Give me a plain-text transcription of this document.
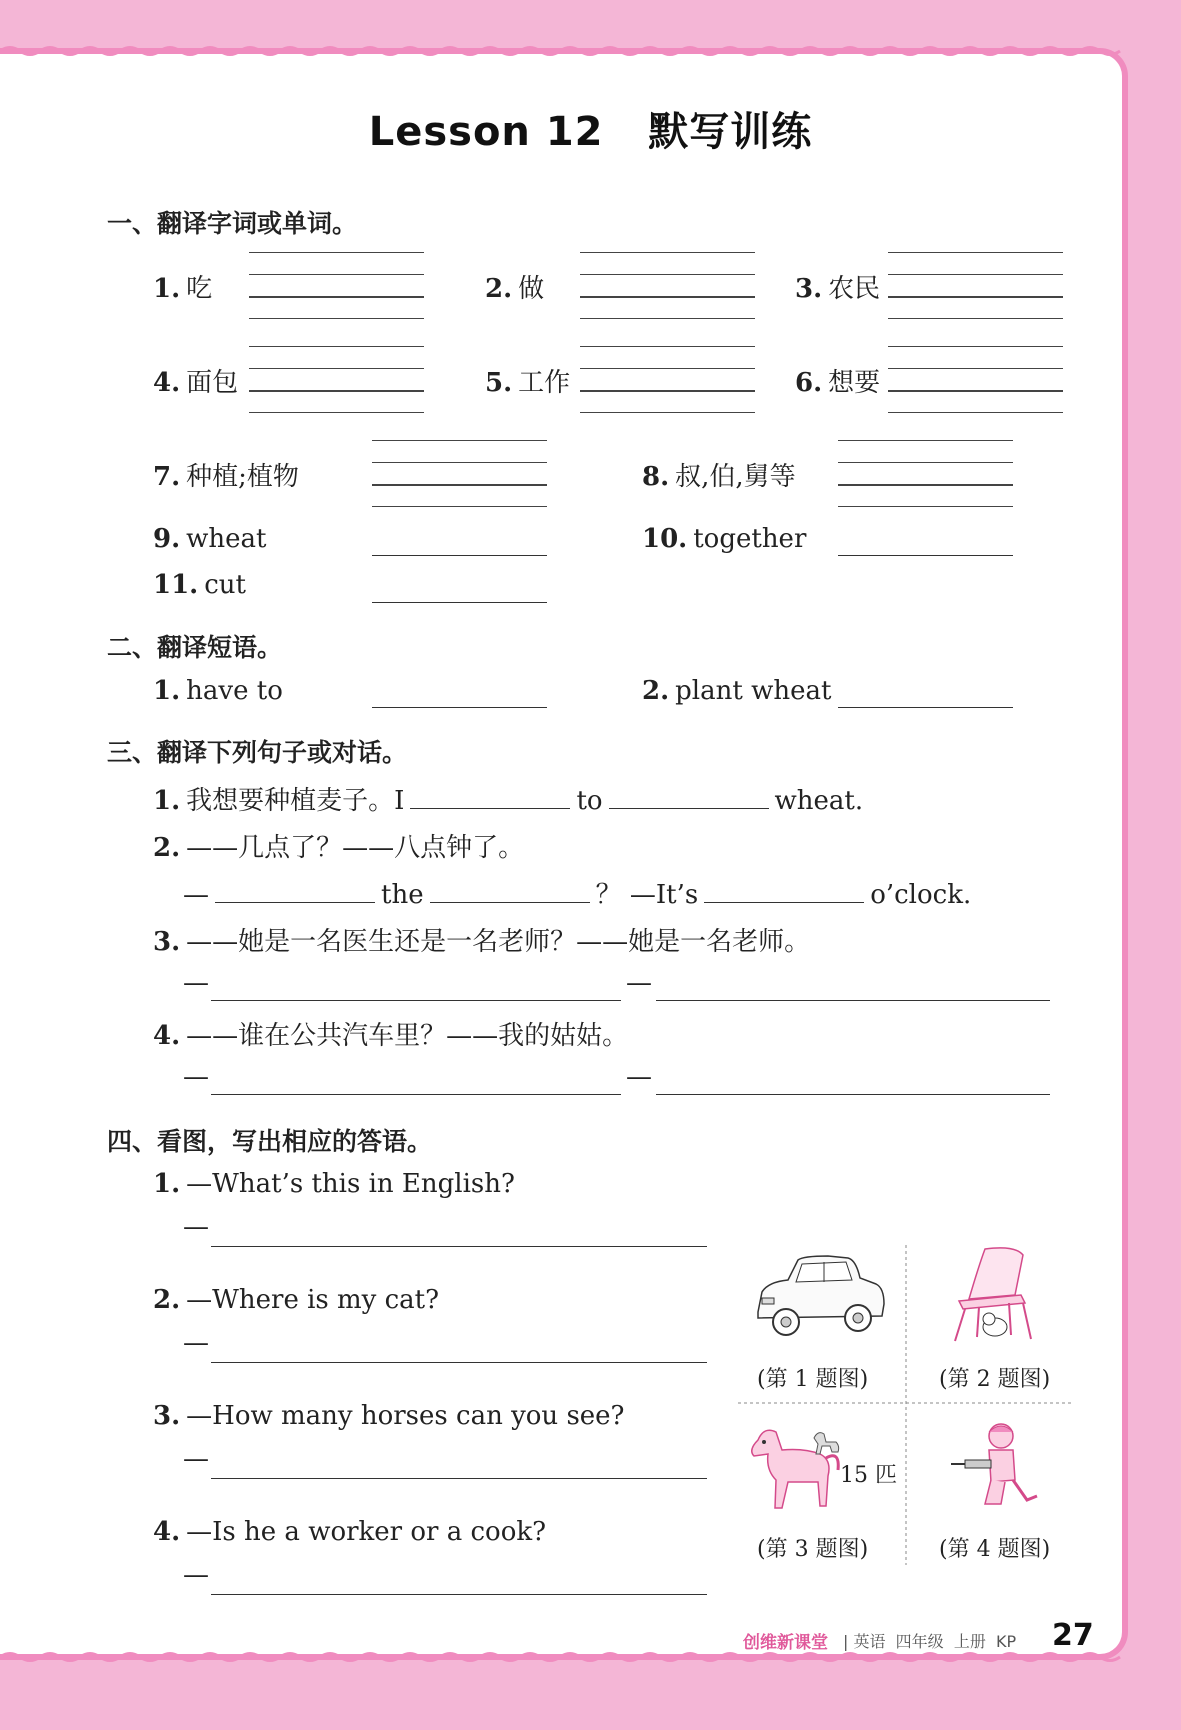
Lesson 12   默写训练
一、翻译字词或单词。
1. 吃	2. 做	3. 农民
4. 面包	5. 工作	6. 想要
7. 种植;植物	8. 叔,伯,舅等
9. wheat	10. together
11. cut
二、翻译短语。
1. have to	2. plant wheat
三、翻译下列句子或对话。
1. 我想要种植麦子。I	to	wheat.
2. ——几点了？——八点钟了。
—	the	？ —It’s	o’clock.
3. ——她是一名医生还是一名老师？——她是一名老师。
—	—
4. ——谁在公共汽车里？——我的姑姑。
—	—
四、看图，写出相应的答语。
1. —What’s this in English?
—
2. —Where is my cat?
—
3. —How many horses can you see?
—
4. —Is he a worker or a cook?
—
15 匹
(第 1 题图)	(第 2 题图)
(第 3 题图)	(第 4 题图)
创维新课堂 | 英语  四年级  上册  KP 27
